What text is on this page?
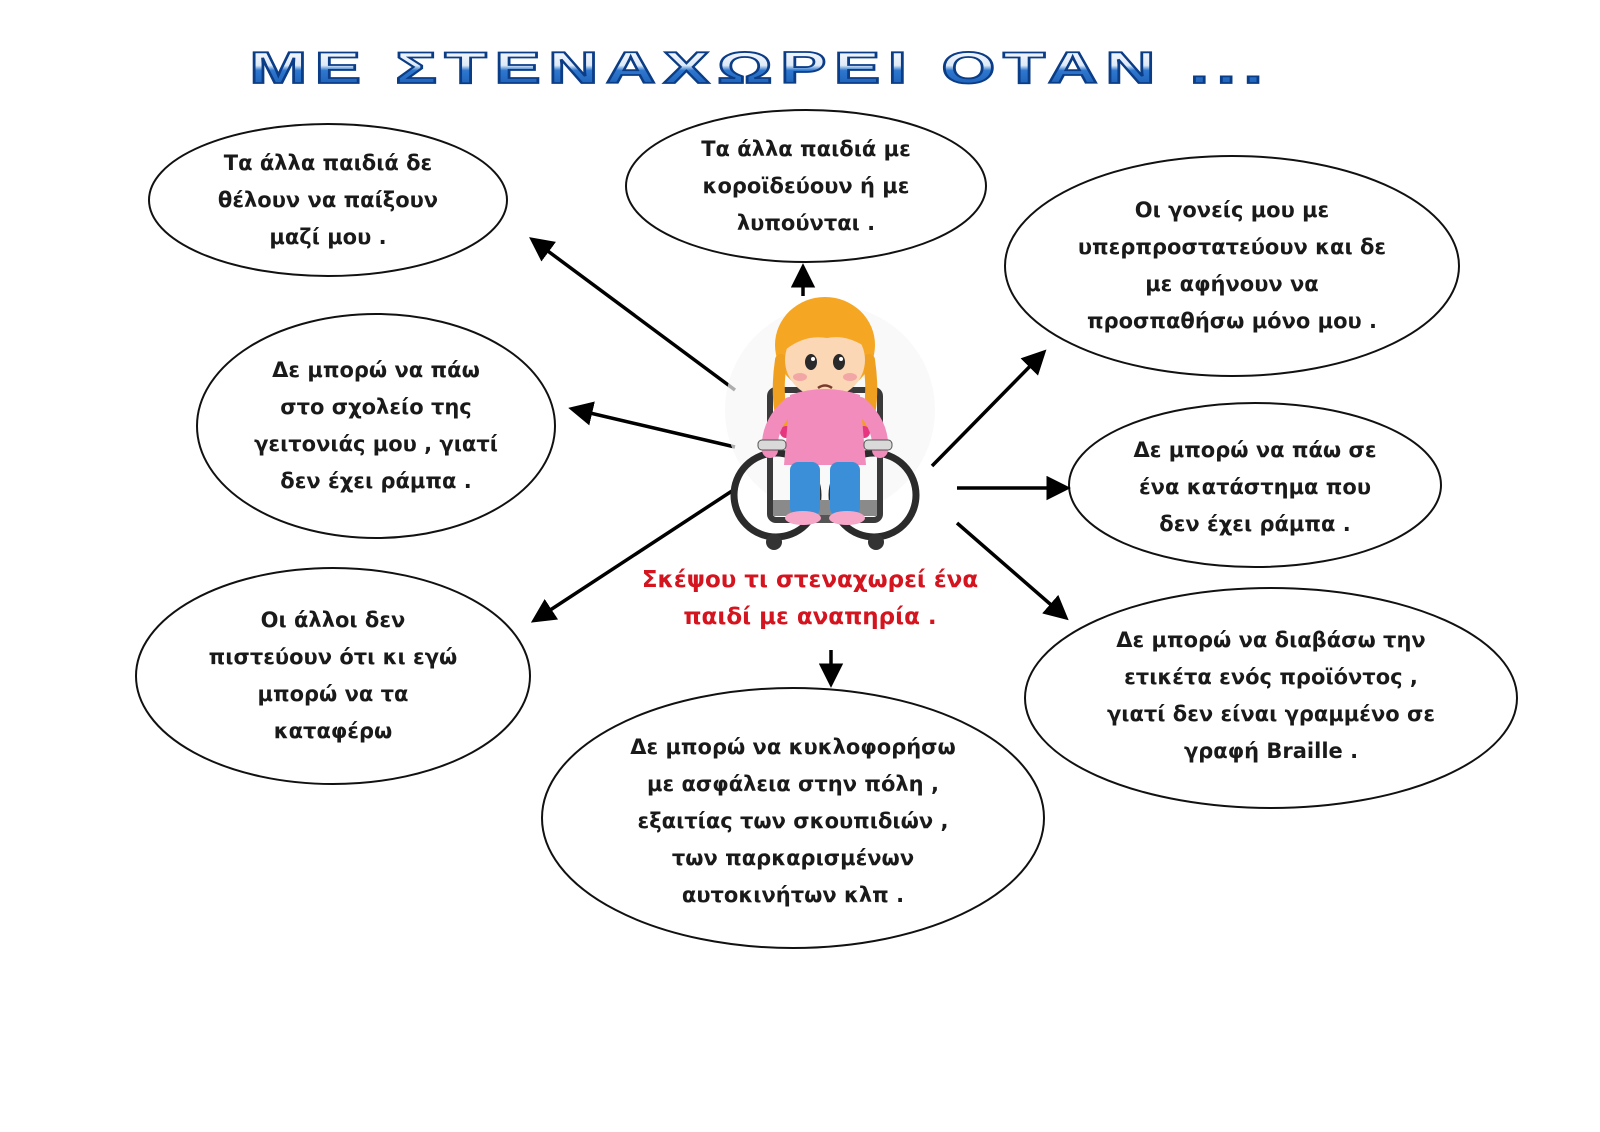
ΜΕ ΣΤΕΝΑΧΩΡΕΙ ΟΤΑΝ ...
Τα άλλα παιδιά δε
θέλουν να παίξουν
μαζί μου .
Τα άλλα παιδιά με
κοροϊδεύουν ή με
λυπούνται .
Οι γονείς μου με
υπερπροστατεύουν και δε
με αφήνουν να
προσπαθήσω μόνο μου .
Δε μπορώ να πάω
στο σχολείο της
γειτονιάς μου , γιατί
δεν έχει ράμπα .
Δε μπορώ να πάω σε
ένα κατάστημα που
δεν έχει ράμπα .
Οι άλλοι δεν
πιστεύουν ότι κι εγώ
μπορώ να τα
καταφέρω
Δε μπορώ να διαβάσω την
ετικέτα ενός προϊόντος ,
γιατί δεν είναι γραμμένο σε
γραφή Braille .
Δε μπορώ να κυκλοφορήσω
με ασφάλεια στην πόλη ,
εξαιτίας των σκουπιδιών ,
των παρκαρισμένων
αυτοκινήτων κλπ .
Σκέψου τι στεναχωρεί ένα
παιδί με αναπηρία .
